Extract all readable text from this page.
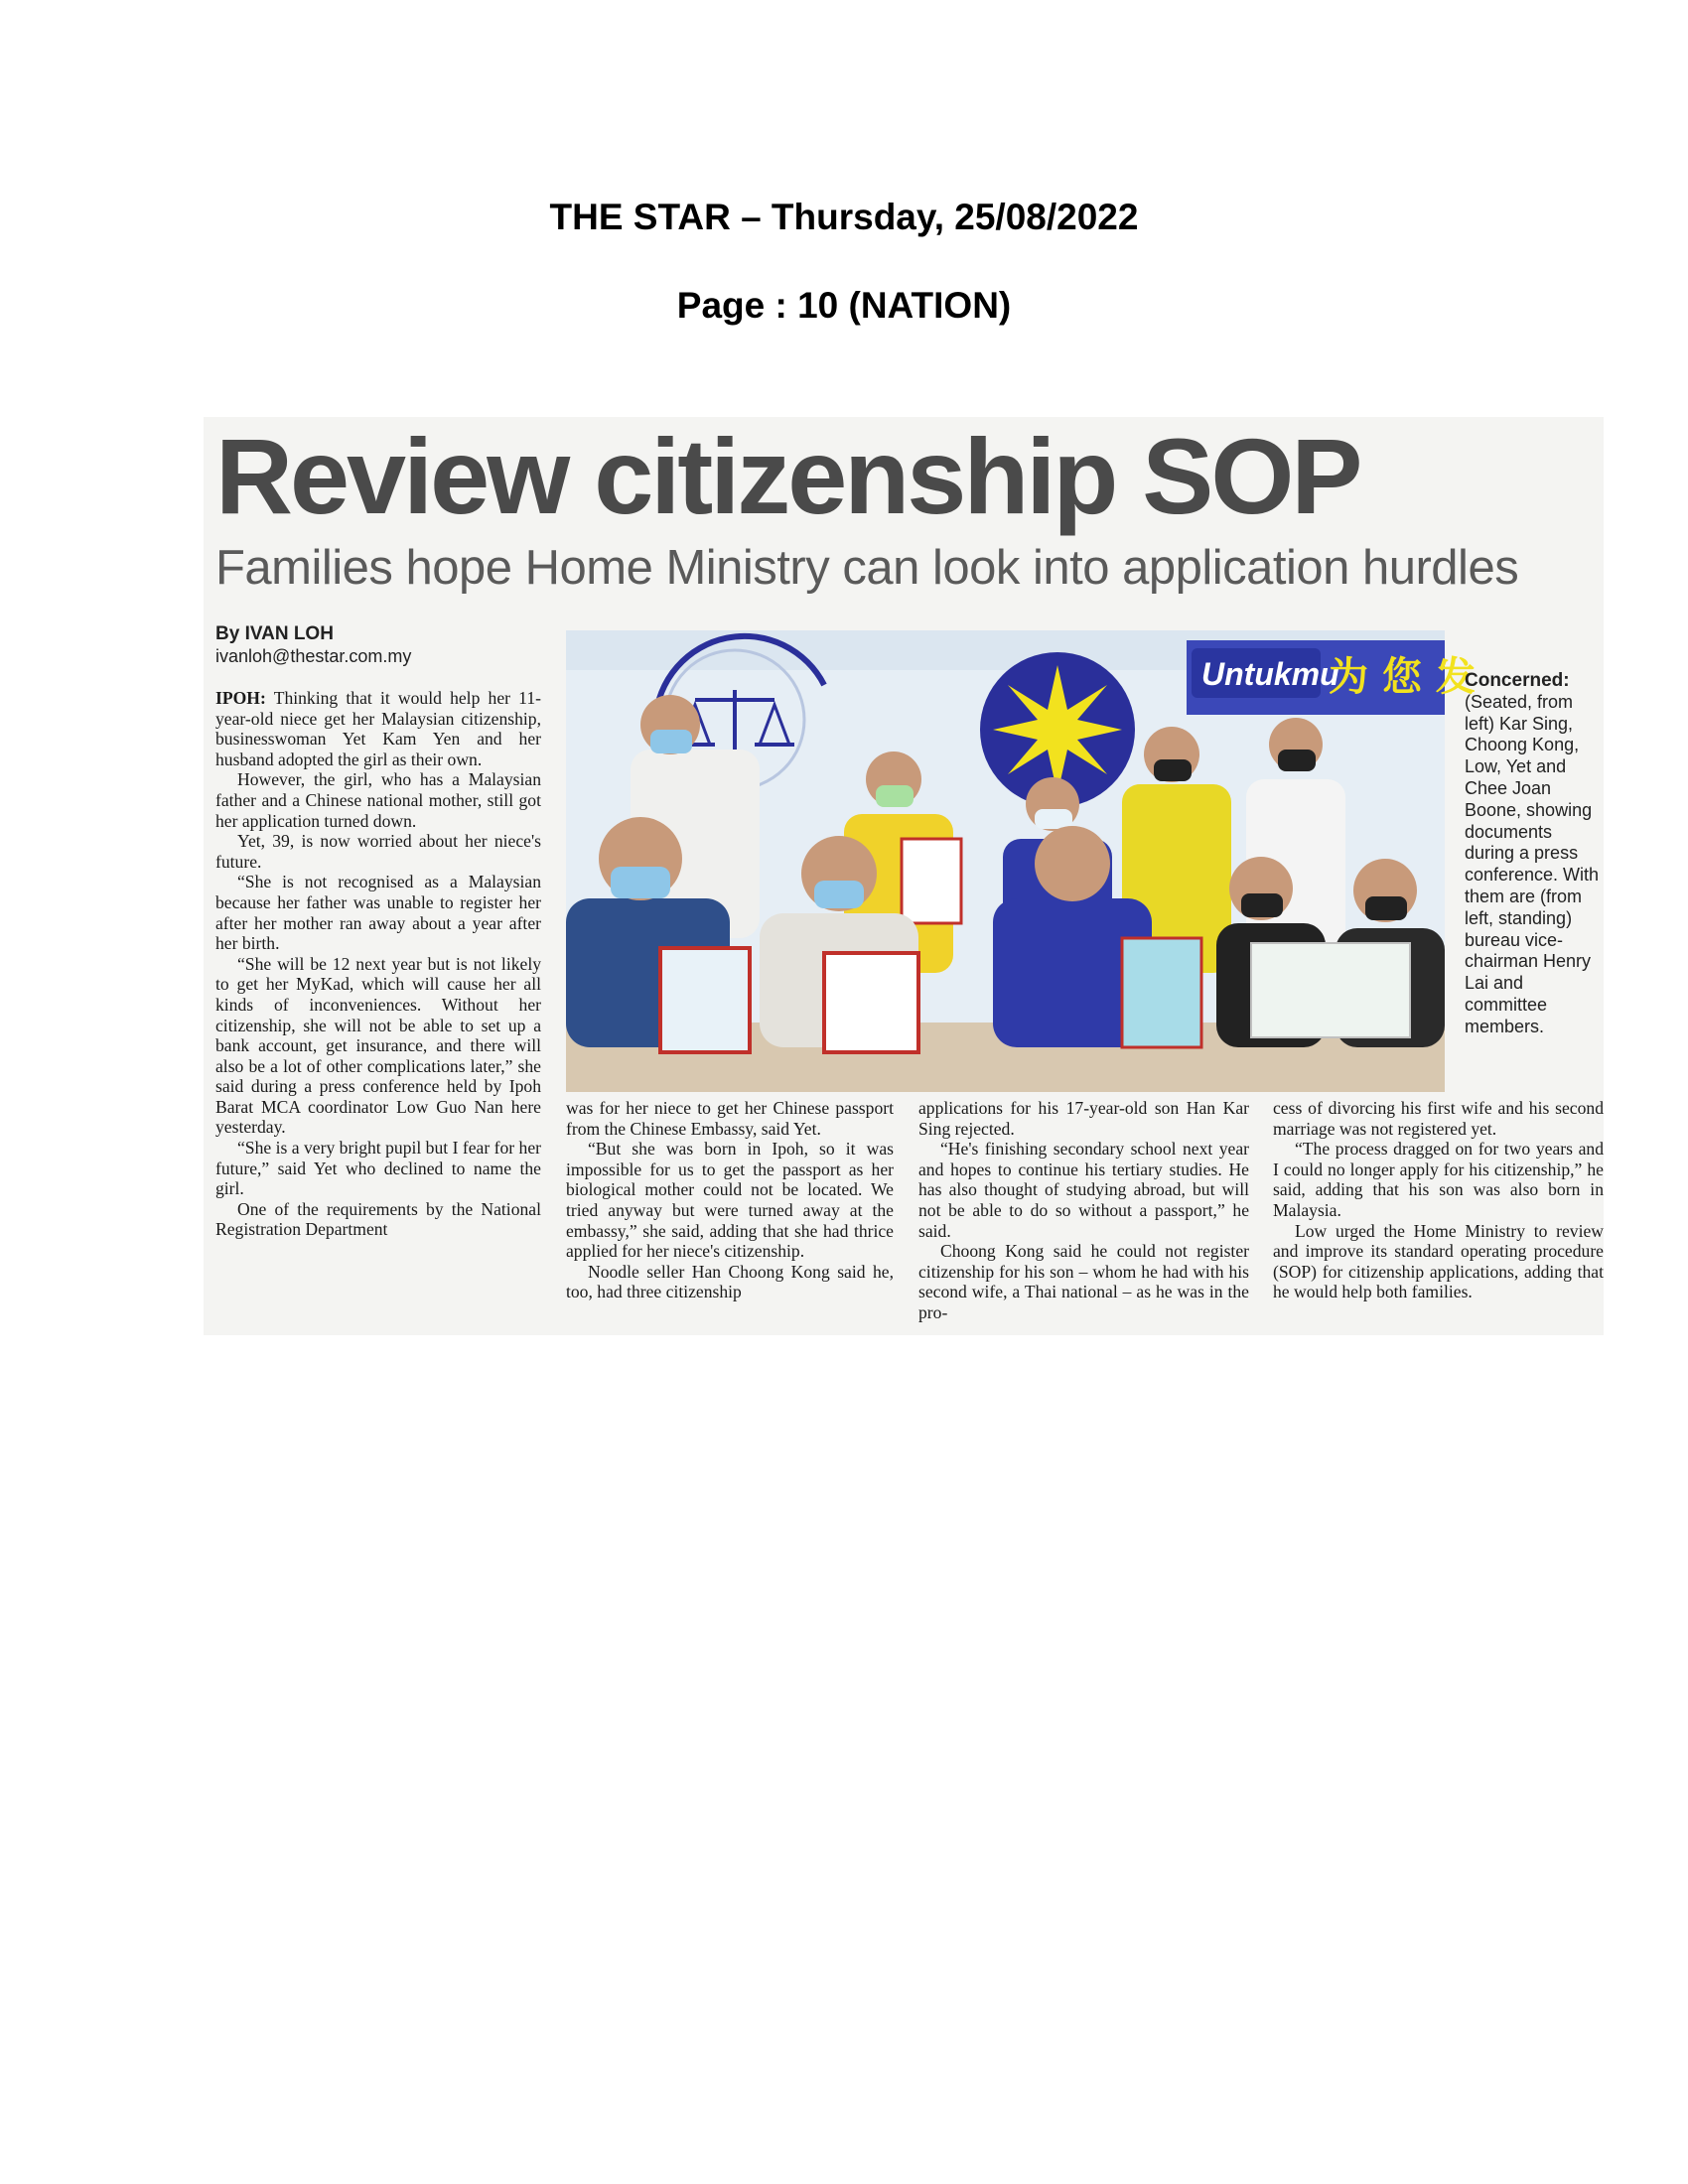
THE STAR – Thursday, 25/08/2022
Page : 10 (NATION)
Review citizenship SOP
Families hope Home Ministry can look into application hurdles
By IVAN LOH
ivanloh@thestar.com.my

IPOH: Thinking that it would help her 11-year-old niece get her Malaysian citizenship, businesswoman Yet Kam Yen and her husband adopted the girl as their own.

However, the girl, who has a Malaysian father and a Chinese national mother, still got her application turned down.

Yet, 39, is now worried about her niece's future.

“She is not recognised as a Malaysian because her father was unable to register her after her mother ran away about a year after her birth.

“She will be 12 next year but is not likely to get her MyKad, which will cause her all kinds of inconveniences. Without her citizenship, she will not be able to set up a bank account, get insurance, and there will also be a lot of other complications later,” she said during a press conference held by Ipoh Barat MCA coordinator Low Guo Nan here yesterday.

“She is a very bright pupil but I fear for her future,” said Yet who declined to name the girl.

One of the requirements by the National Registration Department

was for her niece to get her Chinese passport from the Chinese Embassy, said Yet.

“But she was born in Ipoh, so it was impossible for us to get the passport as her biological mother could not be located. We tried anyway but were turned away at the embassy,” she said, adding that she had thrice applied for her niece's citizenship.

Noodle seller Han Choong Kong said he, too, had three citizenship

applications for his 17-year-old son Han Kar Sing rejected.

“He's finishing secondary school next year and hopes to continue his tertiary studies. He has also thought of studying abroad, but will not be able to do so without a passport,” he said.

Choong Kong said he could not register citizenship for his son – whom he had with his second wife, a Thai national – as he was in the pro-

cess of divorcing his first wife and his second marriage was not registered yet.

“The process dragged on for two years and I could no longer apply for his citizenship,” he said, adding that his son was also born in Malaysia.

Low urged the Home Ministry to review and improve its standard operating procedure (SOP) for citizenship applications, adding that he would help both families.

Untukmu
为 您 发
Concerned:
(Seated, from left) Kar Sing, Choong Kong, Low, Yet and Chee Joan Boone, showing documents during a press conference. With them are (from left, standing) bureau vice-chairman Henry Lai and committee members.
